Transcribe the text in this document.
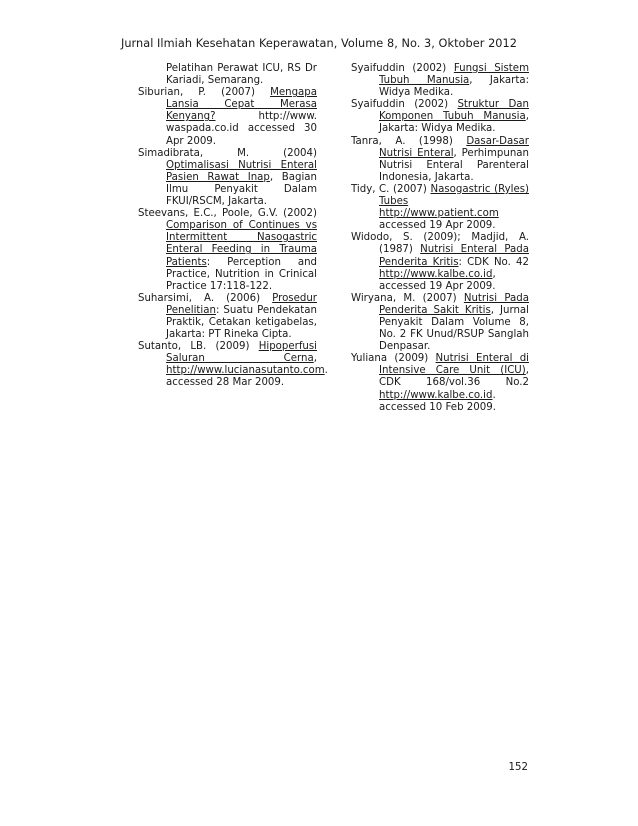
Jurnal Ilmiah Kesehatan Keperawatan, Volume 8, No. 3, Oktober 2012

Pelatihan Perawat ICU, RS Dr Kariadi, Semarang.

Siburian, P. (2007) Mengapa Lansia Cepat Merasa Kenyang? http://www. waspada.co.id accessed 30 Apr 2009.

Simadibrata, M. (2004) Optimalisasi Nutrisi Enteral Pasien Rawat Inap, Bagian Ilmu Penyakit Dalam FKUI/RSCM, Jakarta.

Steevans, E.C., Poole, G.V. (2002) Comparison of Continues vs Intermittent Nasogastric Enteral Feeding in Trauma Patients: Perception and Practice, Nutrition in Crinical Practice 17:118-122.

Suharsimi, A. (2006) Prosedur Penelitian: Suatu Pendekatan Praktik, Cetakan ketigabelas, Jakarta: PT Rineka Cipta.

Sutanto, LB. (2009) Hipoperfusi Saluran Cerna, http://www.lucianasutanto.com. accessed 28 Mar 2009.

Syaifuddin (2002) Fungsi Sistem Tubuh Manusia, Jakarta: Widya Medika.

Syaifuddin (2002) Struktur Dan Komponen Tubuh Manusia, Jakarta: Widya Medika.

Tanra, A. (1998) Dasar-Dasar Nutrisi Enteral, Perhimpunan Nutrisi Enteral Parenteral Indonesia, Jakarta.

Tidy, C. (2007) Nasogastric (Ryles) Tubes http://www.patient.com accessed 19 Apr 2009.

Widodo, S. (2009); Madjid, A. (1987) Nutrisi Enteral Pada Penderita Kritis: CDK No. 42 http://www.kalbe.co.id, accessed 19 Apr 2009.

Wiryana, M. (2007) Nutrisi Pada Penderita Sakit Kritis, Jurnal Penyakit Dalam Volume 8, No. 2 FK Unud/RSUP Sanglah Denpasar.

Yuliana (2009) Nutrisi Enteral di Intensive Care Unit (ICU), CDK 168/vol.36 No.2 http://www.kalbe.co.id. accessed 10 Feb 2009.

152
